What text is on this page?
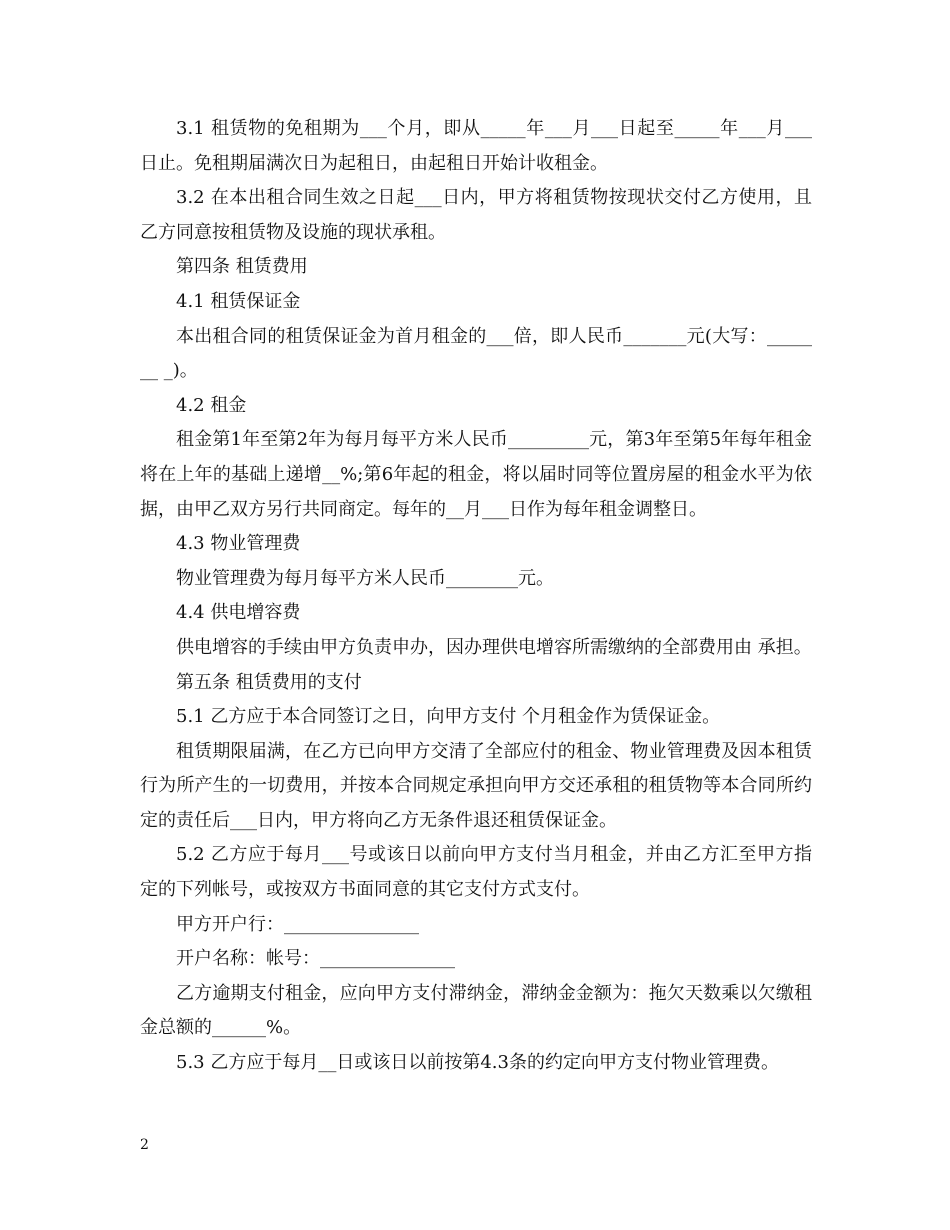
3.1 租赁物的免租期为___个月，即从_____年___月___日起至_____年___月___日止。免租期届满次日为起租日，由起租日开始计收租金。

3.2 在本出租合同生效之日起___日内，甲方将租赁物按现状交付乙方使用，且乙方同意按租赁物及设施的现状承租。

第四条 租赁费用

4.1 租赁保证金

本出租合同的租赁保证金为首月租金的___倍，即人民币_______元(大写：_______ _)。

4.2 租金

租金第1年至第2年为每月每平方米人民币_________元，第3年至第5年每年租金将在上年的基础上递增__%;第6年起的租金，将以届时同等位置房屋的租金水平为依据，由甲乙双方另行共同商定。每年的__月___日作为每年租金调整日。

4.3 物业管理费

物业管理费为每月每平方米人民币________元。

4.4 供电增容费

供电增容的手续由甲方负责申办，因办理供电增容所需缴纳的全部费用由 承担。

第五条 租赁费用的支付

5.1 乙方应于本合同签订之日，向甲方支付 个月租金作为赁保证金。

租赁期限届满，在乙方已向甲方交清了全部应付的租金、物业管理费及因本租赁行为所产生的一切费用，并按本合同规定承担向甲方交还承租的租赁物等本合同所约定的责任后___日内，甲方将向乙方无条件退还租赁保证金。

5.2 乙方应于每月___号或该日以前向甲方支付当月租金，并由乙方汇至甲方指定的下列帐号，或按双方书面同意的其它支付方式支付。

甲方开户行：_______________

开户名称：帐号：_______________

乙方逾期支付租金，应向甲方支付滞纳金，滞纳金金额为：拖欠天数乘以欠缴租金总额的______%。

5.3 乙方应于每月__日或该日以前按第4.3条的约定向甲方支付物业管理费。

2
